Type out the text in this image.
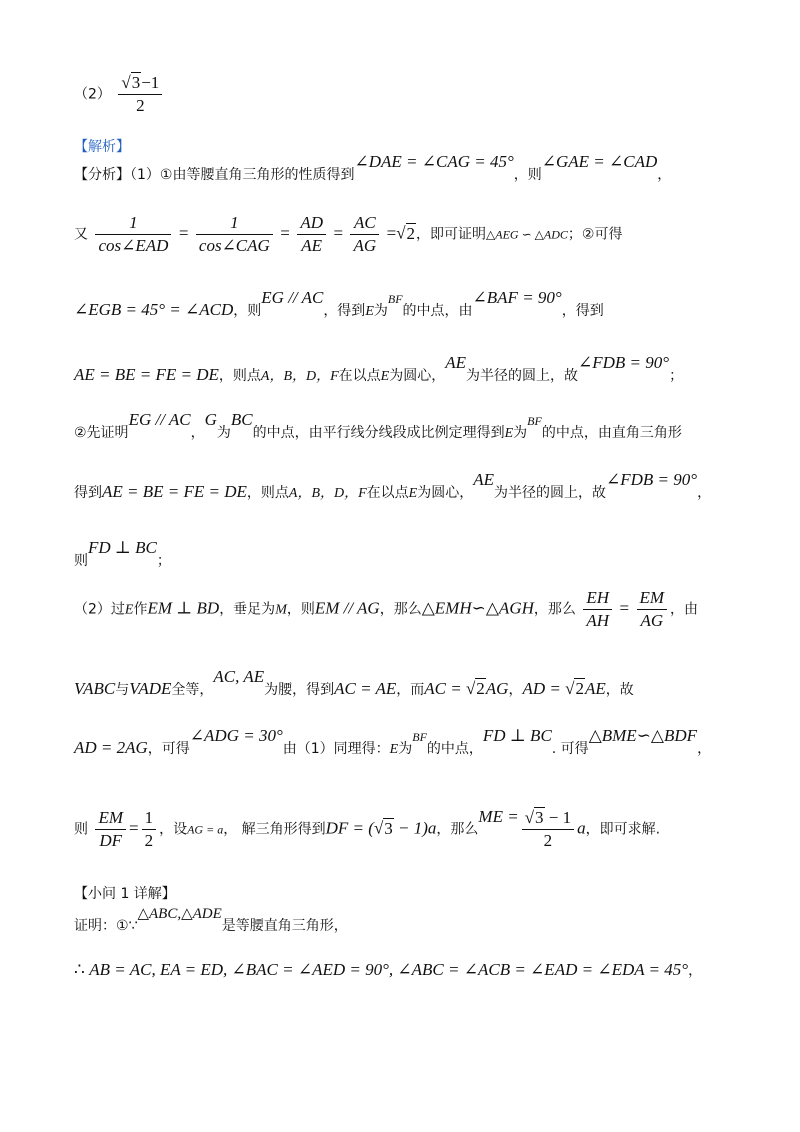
$(2) \frac{√3-1}{2}$
【解析】
【分析】（1）①由等腰直角三角形的性质得到∠DAE = ∠CAG = 45°，则∠GAE = ∠CAD，
又 $\frac{1}{\text{cos∠EAD}} = \frac{1}{\text{cos∠CAG}} = \frac{AD}{AE} = \frac{AC}{AG} =√2$，即可证明△AEG ∽ △ADC；②可得
∠EGB = 45° = ∠ACD，则EG // AC，得到E为BF的中点，由∠BAF = 90°，得到
AE = BE = FE = DE，则点A，B，D，F在以点E为圆心，AE为半径的圆上，故∠FDB = 90°；
②先证明EG // AC，G为BC的中点，由平行线分线段成比例定理得到E为BF的中点，由直角三角形
得到AE = BE = FE = DE，则点A，B，D，F在以点E为圆心，AE为半径的圆上，故∠FDB = 90°，
则FD ⊥ BC；
（2）过E作EM ⊥ BD，垂足为M，则EM // AG，那么△EMH∽△AGH，那么 $\frac{EH}{AH} = \frac{EM}{AG}$ ，由
VABC与VADE全等，AC, AE为腰，得到AC = AE，而AC = √2AG，AD = √2AE，故
AD = 2AG，可得∠ADG = 30°由（1）同理得：E为BF的中点，FD ⊥ BC. 可得△BME∽△BDF，
则 $\frac{EM}{DF} = \frac{1}{2}$ ，设AG = a， 解三角形得到DF = (√3 − 1)a，那么ME = $\frac{√3 - 1}{2}$ a，即可求解.
【小问 1 详解】
证明：①∵△ABC,△ADE是等腰直角三角形，
∴ AB = AC, EA = ED, ∠BAC = ∠AED = 90°, ∠ABC = ∠ACB = ∠EAD = ∠EDA = 45°，
